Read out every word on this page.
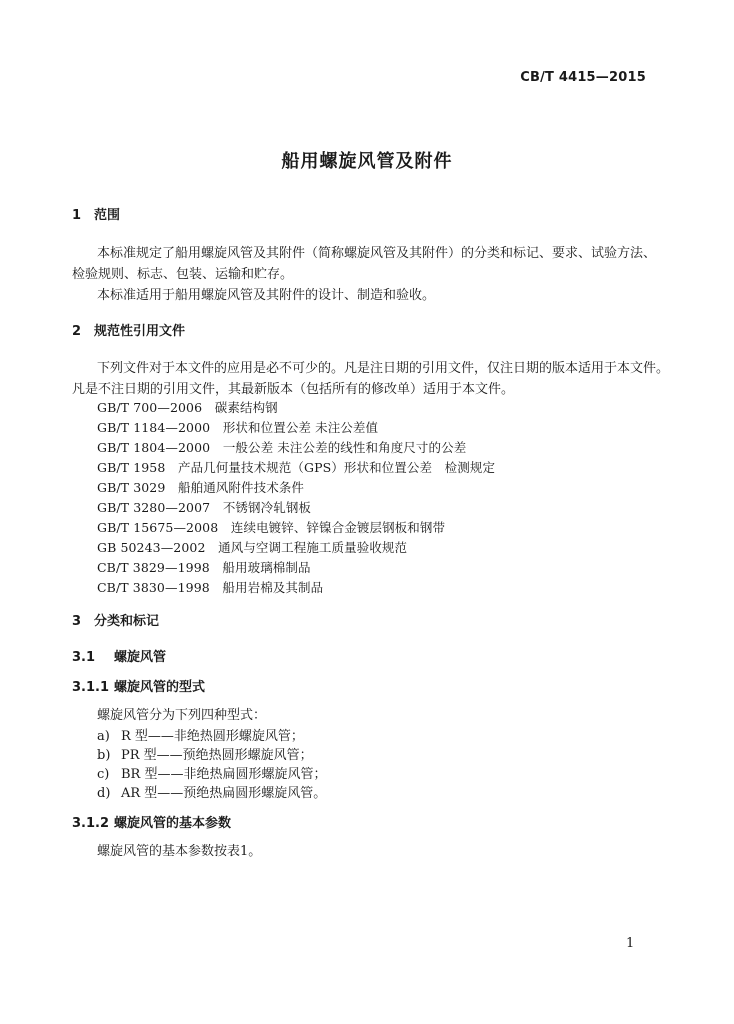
CB/T 4415—2015
船用螺旋风管及附件
1 范围
本标准规定了船用螺旋风管及其附件（简称螺旋风管及其附件）的分类和标记、要求、试验方法、
检验规则、标志、包装、运输和贮存。
本标准适用于船用螺旋风管及其附件的设计、制造和验收。
2 规范性引用文件
下列文件对于本文件的应用是必不可少的。凡是注日期的引用文件，仅注日期的版本适用于本文件。
凡是不注日期的引用文件，其最新版本（包括所有的修改单）适用于本文件。
GB/T 700—2006　碳素结构钢
GB/T 1184—2000　形状和位置公差 未注公差值
GB/T 1804—2000　一般公差 未注公差的线性和角度尺寸的公差
GB/T 1958　产品几何量技术规范（GPS）形状和位置公差　检测规定
GB/T 3029　船舶通风附件技术条件
GB/T 3280—2007　不锈钢冷轧钢板
GB/T 15675—2008　连续电镀锌、锌镍合金镀层钢板和钢带
GB 50243—2002　通风与空调工程施工质量验收规范
CB/T 3829—1998　船用玻璃棉制品
CB/T 3830—1998　船用岩棉及其制品
3 分类和标记
3.1 螺旋风管
3.1.1 螺旋风管的型式
螺旋风管分为下列四种型式：
a) R 型——非绝热圆形螺旋风管；
b) PR 型——预绝热圆形螺旋风管；
c) BR 型——非绝热扁圆形螺旋风管；
d) AR 型——预绝热扁圆形螺旋风管。
3.1.2 螺旋风管的基本参数
螺旋风管的基本参数按表1。
1
